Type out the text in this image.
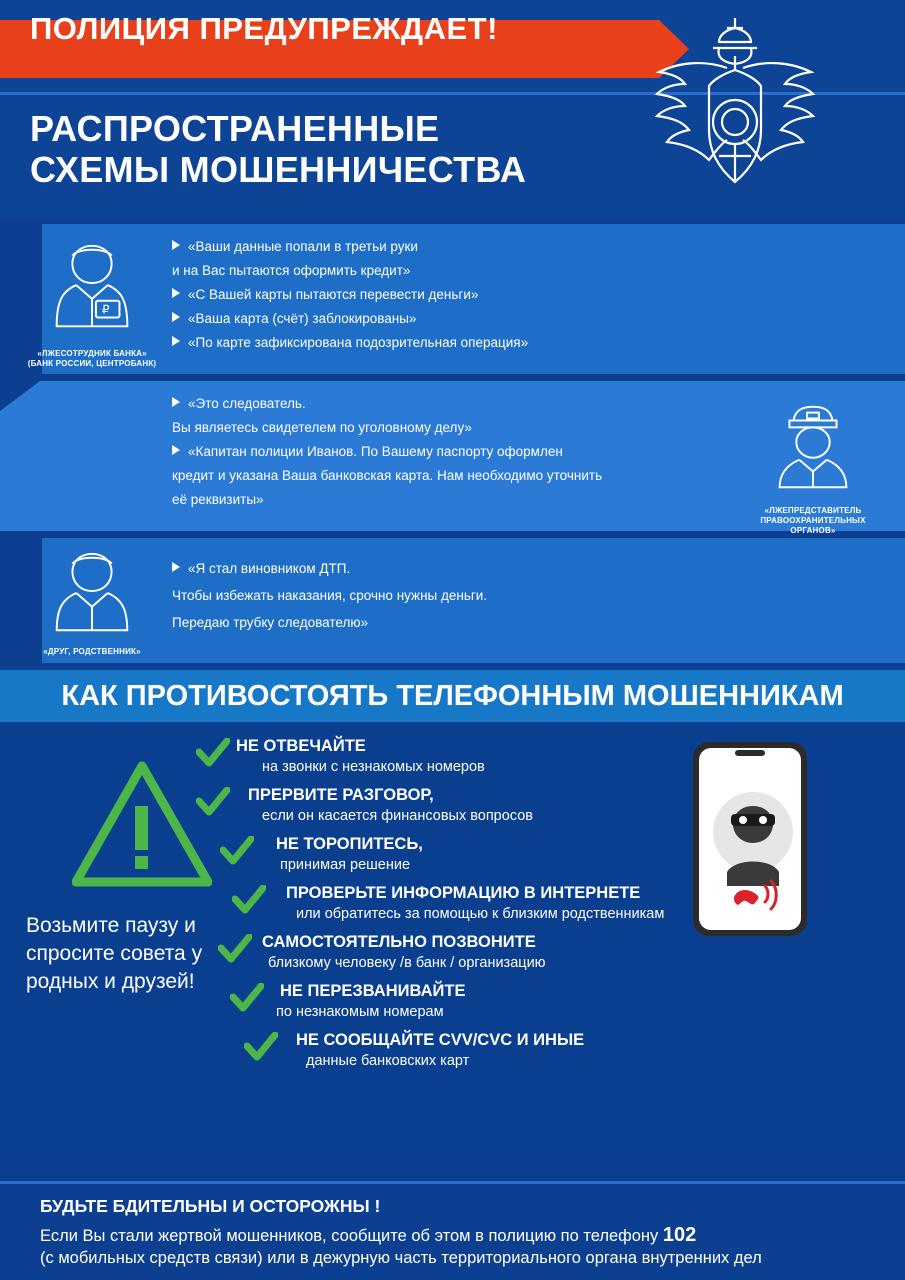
ПОЛИЦИЯ ПРЕДУПРЕЖДАЕТ!
РАСПРОСТРАНЕННЫЕ
СХЕМЫ МОШЕННИЧЕСТВА
₽
«ЛЖЕСОТРУДНИК БАНКА»
(БАНК РОССИИ, ЦЕНТРОБАНК)
«Ваши данные попали в третьи руки
и на Вас пытаются оформить кредит»
«С Вашей карты пытаются перевести деньги»
«Ваша карта (счёт) заблокированы»
«По карте зафиксирована подозрительная операция»
«ЛЖЕПРЕДСТАВИТЕЛЬ
ПРАВООХРАНИТЕЛЬНЫХ
ОРГАНОВ»
«Это следователь.
Вы являетесь свидетелем по уголовному делу»
«Капитан полиции Иванов. По Вашему паспорту оформлен
кредит и указана Ваша банковская карта. Нам необходимо уточнить
её реквизиты»
«ДРУГ, РОДСТВЕННИК»
«Я стал виновником ДТП.
Чтобы избежать наказания, срочно нужны деньги.
Передаю трубку следователю»
КАК ПРОТИВОСТОЯТЬ ТЕЛЕФОННЫМ МОШЕННИКАМ
Возьмите паузу и спросите совета у родных и друзей!
НЕ ОТВЕЧАЙТЕ
на звонки с незнакомых номеров
ПРЕРВИТЕ РАЗГОВОР,
если он касается финансовых вопросов
НЕ ТОРОПИТЕСЬ,
принимая решение
ПРОВЕРЬТЕ ИНФОРМАЦИЮ В ИНТЕРНЕТЕ
или обратитесь за помощью к близким родственникам
САМОСТОЯТЕЛЬНО ПОЗВОНИТЕ
близкому человеку /в банк / организацию
НЕ ПЕРЕЗВАНИВАЙТЕ
по незнакомым номерам
НЕ СООБЩАЙТЕ CVV/CVC И ИНЫЕ
данные банковских карт
БУДЬТЕ БДИТЕЛЬНЫ И ОСТОРОЖНЫ !
Если Вы стали жертвой мошенников, сообщите об этом в полицию по телефону 102
(с мобильных средств связи) или в дежурную часть территориального органа внутренних дел
